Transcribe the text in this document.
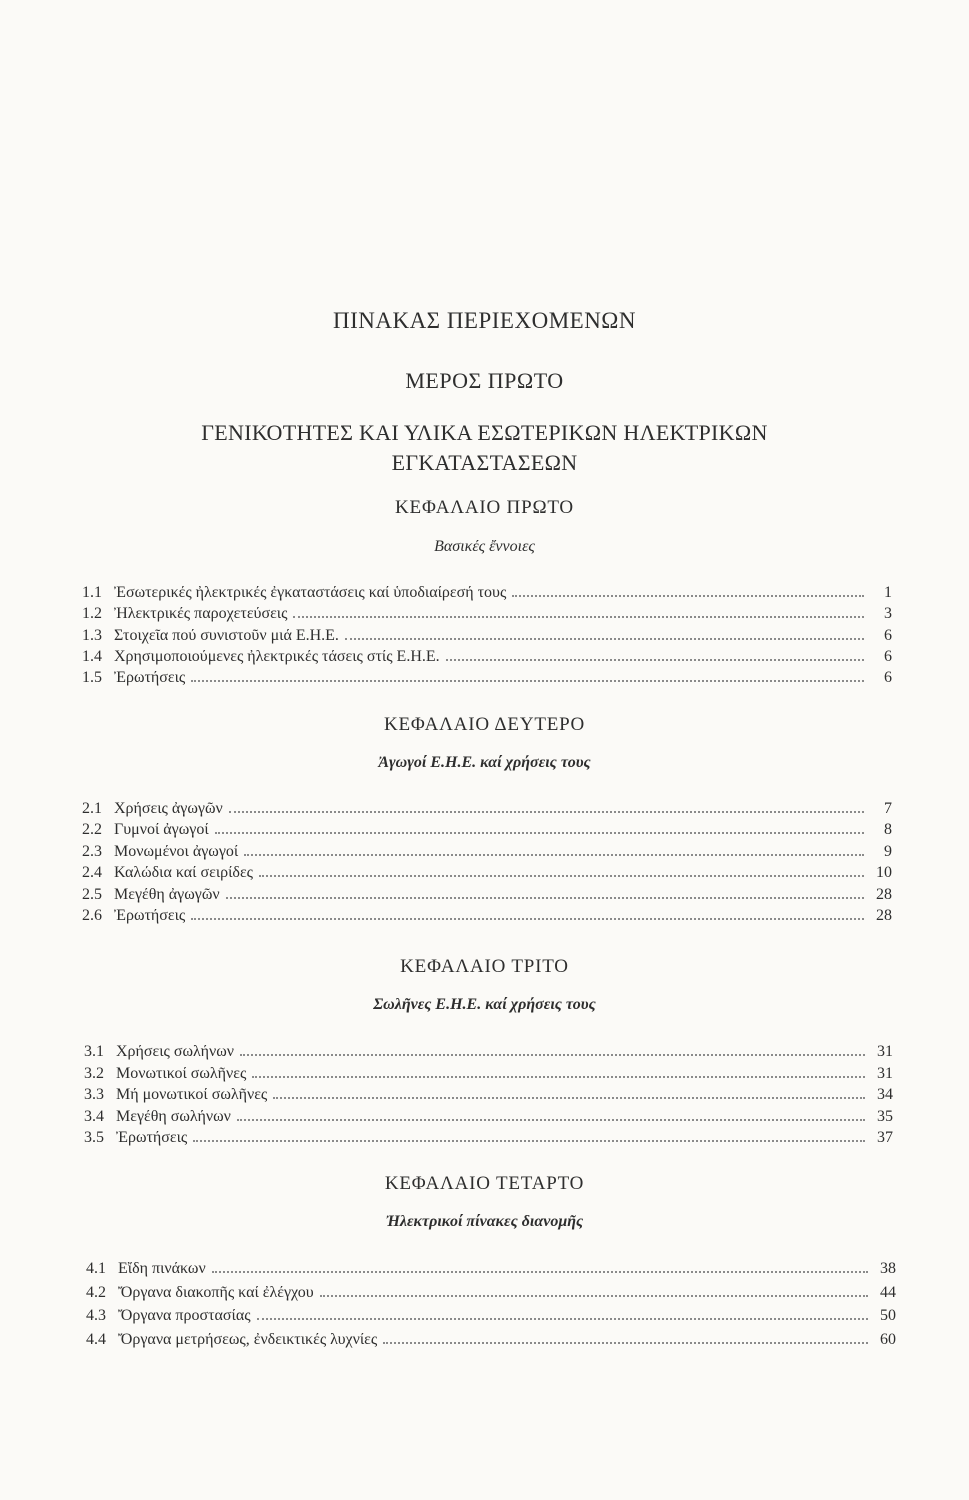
ΠΙΝΑΚΑΣ ΠΕΡΙΕΧΟΜΕΝΩΝ
ΜΕΡΟΣ ΠΡΩΤΟ
ΓΕΝΙΚΟΤΗΤΕΣ ΚΑΙ ΥΛΙΚΑ ΕΣΩΤΕΡΙΚΩΝ ΗΛΕΚΤΡΙΚΩΝ
ΕΓΚΑΤΑΣΤΑΣΕΩΝ
ΚΕΦΑΛΑΙΟ ΠΡΩΤΟ
Βασικές ἔννοιες
ΚΕΦΑΛΑΙΟ ΔΕΥΤΕΡΟ
Ἀγωγοί Ε.Η.Ε. καί χρήσεις τους
ΚΕΦΑΛΑΙΟ ΤΡΙΤΟ
Σωλῆνες Ε.Η.Ε. καί χρήσεις τους
ΚΕΦΑΛΑΙΟ ΤΕΤΑΡΤΟ
Ἠλεκτρικοί πίνακες διανομῆς
1.1 Ἐσωτερικές ἠλεκτρικές ἐγκαταστάσεις καί ὑποδιαίρεσή τους	1
1.2 Ἠλεκτρικές παροχετεύσεις	3
1.3 Στοιχεῖα πού συνιστοῦν μιά Ε.Η.Ε.	6
1.4 Χρησιμοποιούμενες ἠλεκτρικές τάσεις στίς Ε.Η.Ε.	6
1.5 Ἐρωτήσεις	6
2.1 Χρήσεις ἀγωγῶν	7
2.2 Γυμνοί ἀγωγοί	8
2.3 Μονωμένοι ἀγωγοί	9
2.4 Καλώδια καί σειρίδες	10
2.5 Μεγέθη ἀγωγῶν	28
2.6 Ἐρωτήσεις	28
3.1 Χρήσεις σωλήνων	31
3.2 Μονωτικοί σωλῆνες	31
3.3 Μή μονωτικοί σωλῆνες	34
3.4 Μεγέθη σωλήνων	35
3.5 Ἐρωτήσεις	37
4.1 Εἴδη πινάκων	38
4.2 Ὄργανα διακοπῆς καί ἐλέγχου	44
4.3 Ὄργανα προστασίας	50
4.4 Ὄργανα μετρήσεως, ἐνδεικτικές λυχνίες	60
